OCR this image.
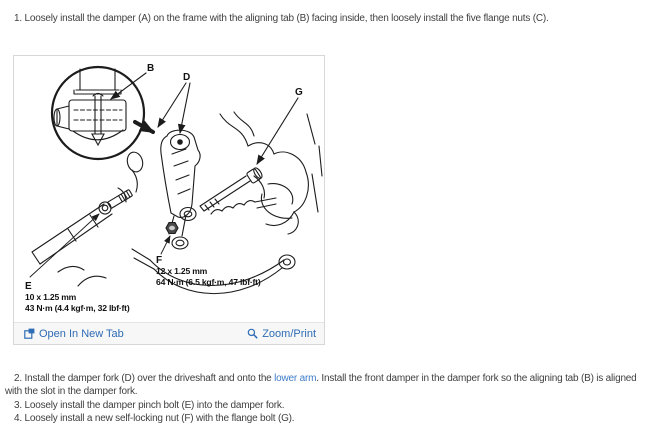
1. Loosely install the damper (A) on the frame with the aligning tab (B) facing inside, then loosely install the five flange nuts (C).
B
D
G
E
F
10 x 1.25 mm
43 N·m (4.4 kgf·m, 32 lbf·ft)
12 x 1.25 mm
64 N·m (6.5 kgf·m, 47 lbf·ft)
Open In New Tab	Zoom/Print
2. Install the damper fork (D) over the driveshaft and onto the lower arm. Install the front damper in the damper fork so the aligning tab (B) is aligned with the slot in the damper fork.
3. Loosely install the damper pinch bolt (E) into the damper fork.
4. Loosely install a new self-locking nut (F) with the flange bolt (G).
